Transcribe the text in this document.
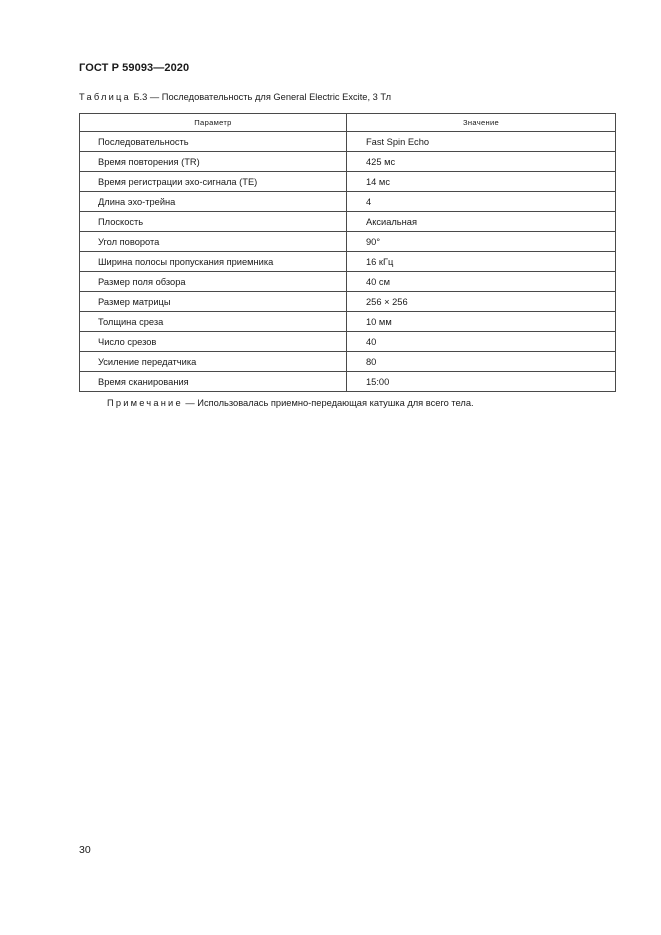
ГОСТ Р 59093—2020
Таблица Б.3 — Последовательность для General Electric Excite, 3 Тл
Параметр	Значение
Последовательность	Fast Spin Echo
Время повторения (TR)	425 мс
Время регистрации эхо-сигнала (TE)	14 мс
Длина эхо-трейна	4
Плоскость	Аксиальная
Угол поворота	90°
Ширина полосы пропускания приемника	16 кГц
Размер поля обзора	40 см
Размер матрицы	256 × 256
Толщина среза	10 мм
Число срезов	40
Усиление передатчика	80
Время сканирования	15:00
Примечание — Использовалась приемно-передающая катушка для всего тела.
30
